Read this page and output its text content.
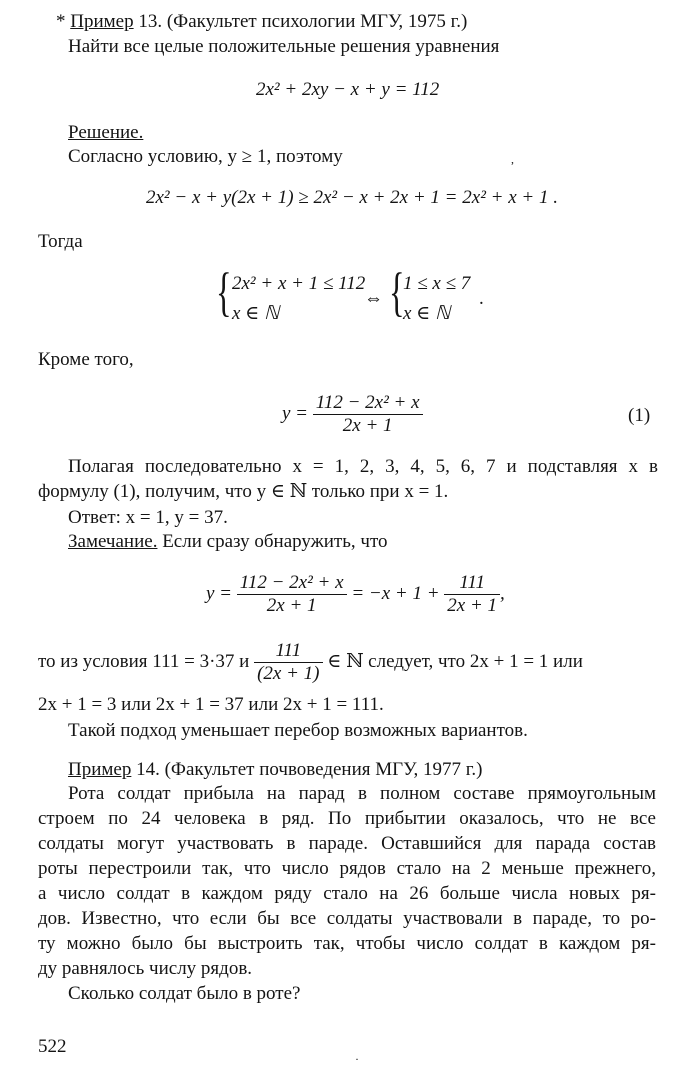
* Пример 13. (Факультет психологии МГУ, 1975 г.)
Найти все целые положительные решения уравнения
2x² + 2xy − x + y = 112
Решение.
Согласно условию, y ≥ 1, поэтому	,
2x² − x + y(2x + 1) ≥ 2x² − x + 2x + 1 = 2x² + x + 1 .
Тогда
{ 2x² + x + 1 ≤ 112
x ∈ ℕ
⇔ {
1 ≤ x ≤ 7
x ∈ ℕ
.
Кроме того,
$y = \frac{\text{112 − 2x² + x}}{2x + 1}$	(1)
Полагая последовательно x = 1, 2, 3, 4, 5, 6, 7 и подставляя x в
формулу (1), получим, что y ∈ ℕ только при x = 1.
Ответ: x = 1, y = 37.
Замечание. Если сразу обнаружить, что
$y = \frac{\text{112 − 2x² + x}}{2x + 1} = -x + 1 + \frac{111}{2x + 1}$ ,
то из условия 111 = 3·37 и $\frac{111}{(2x + 1)}$ ∈ ℕ следует, что 2x + 1 = 1 или
2x + 1 = 3 или 2x + 1 = 37 или 2x + 1 = 111.
Такой подход уменьшает перебор возможных вариантов.
Пример 14. (Факультет почвоведения МГУ, 1977 г.)
Рота солдат прибыла на парад в полном составе прямоугольным
строем по 24 человека в ряд. По прибытии оказалось, что не все
солдаты могут участвовать в параде. Оставшийся для парада состав
роты перестроили так, что число рядов стало на 2 меньше прежнего,
а число солдат в каждом ряду стало на 26 больше числа новых ря-
дов. Известно, что если бы все солдаты участвовали в параде, то ро-
ту можно было бы выстроить так, чтобы число солдат в каждом ря-
ду равнялось числу рядов.
Сколько солдат было в роте?
522
·
